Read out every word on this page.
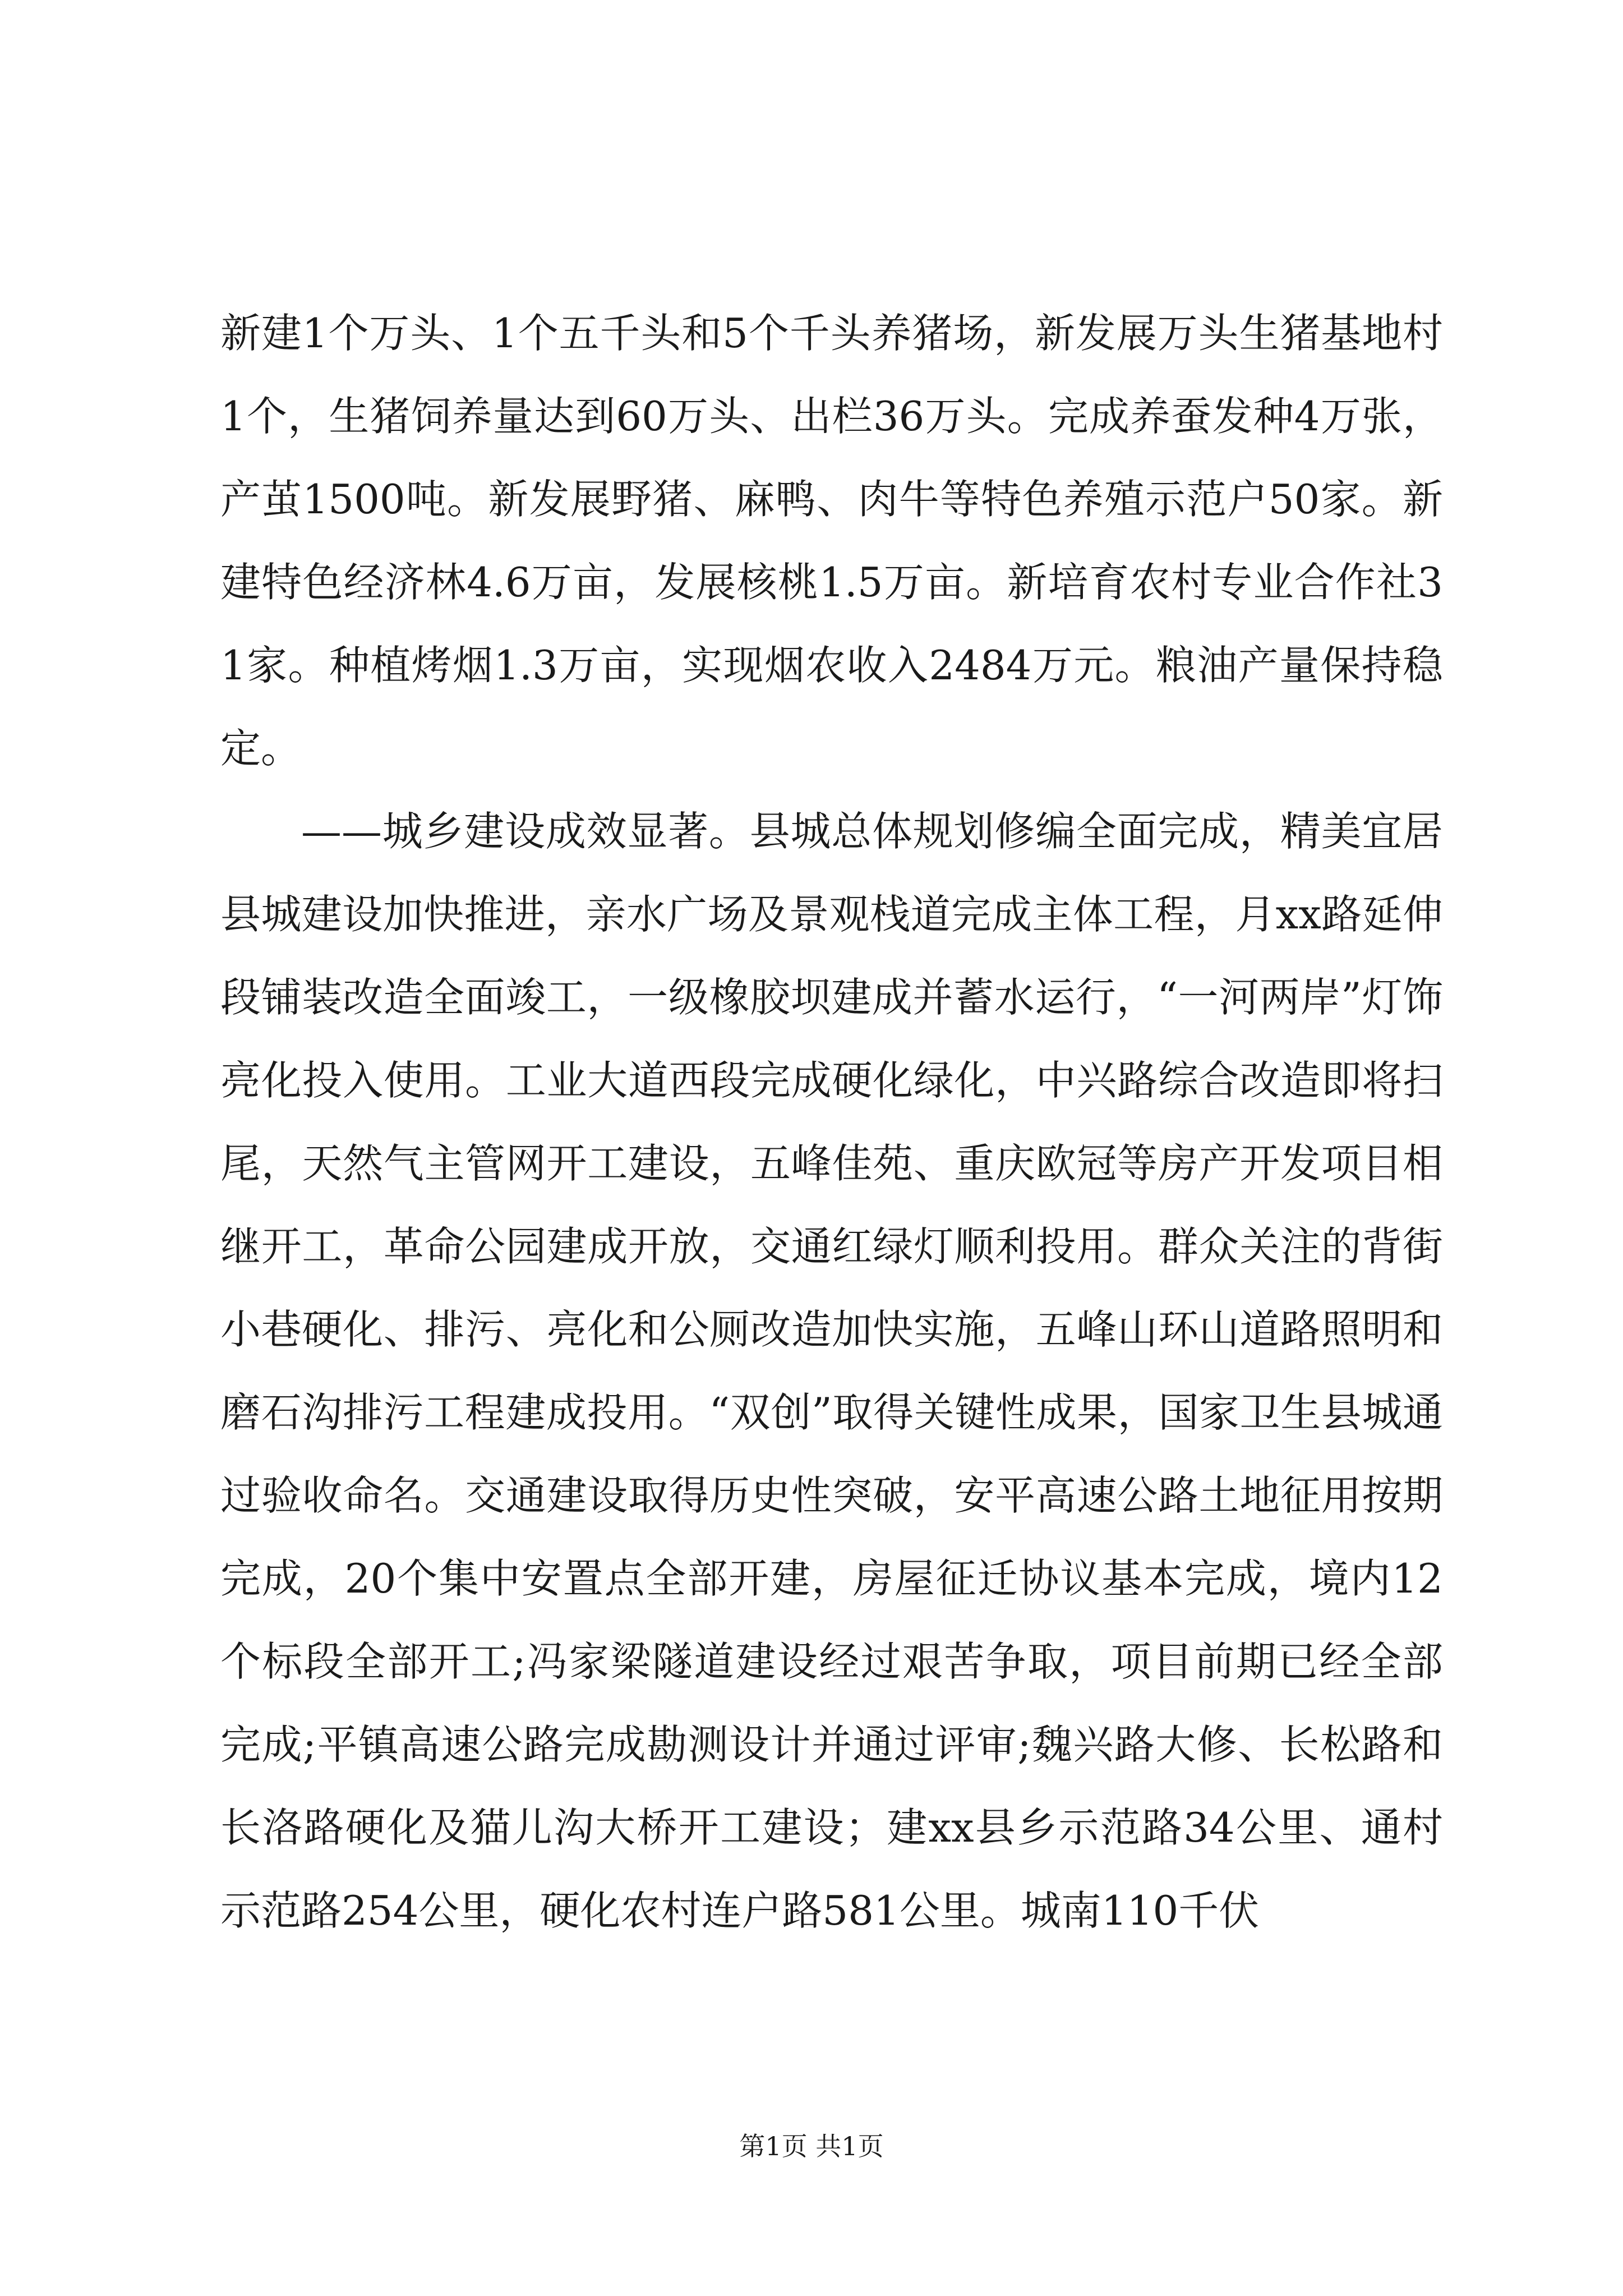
新建1个万头、1个五千头和5个千头养猪场，新发展万头生猪基地村1个，生猪饲养量达到60万头、出栏36万头。完成养蚕发种4万张，产茧1500吨。新发展野猪、麻鸭、肉牛等特色养殖示范户50家。新建特色经济林4.6万亩，发展核桃1.5万亩。新培育农村专业合作社31家。种植烤烟1.3万亩，实现烟农收入2484万元。粮油产量保持稳定。

——城乡建设成效显著。县城总体规划修编全面完成，精美宜居县城建设加快推进，亲水广场及景观栈道完成主体工程，月xx路延伸段铺装改造全面竣工，一级橡胶坝建成并蓄水运行，“一河两岸”灯饰亮化投入使用。工业大道西段完成硬化绿化，中兴路综合改造即将扫尾，天然气主管网开工建设，五峰佳苑、重庆欧冠等房产开发项目相继开工，革命公园建成开放，交通红绿灯顺利投用。群众关注的背街小巷硬化、排污、亮化和公厕改造加快实施，五峰山环山道路照明和磨石沟排污工程建成投用。“双创”取得关键性成果，国家卫生县城通过验收命名。交通建设取得历史性突破，安平高速公路土地征用按期完成，20个集中安置点全部开建，房屋征迁协议基本完成，境内12个标段全部开工;冯家梁隧道建设经过艰苦争取，项目前期已经全部完成;平镇高速公路完成勘测设计并通过评审;魏兴路大修、长松路和长洛路硬化及猫儿沟大桥开工建设；建xx县乡示范路34公里、通村示范路254公里，硬化农村连户路581公里。城南110千伏

第1页 共1页
